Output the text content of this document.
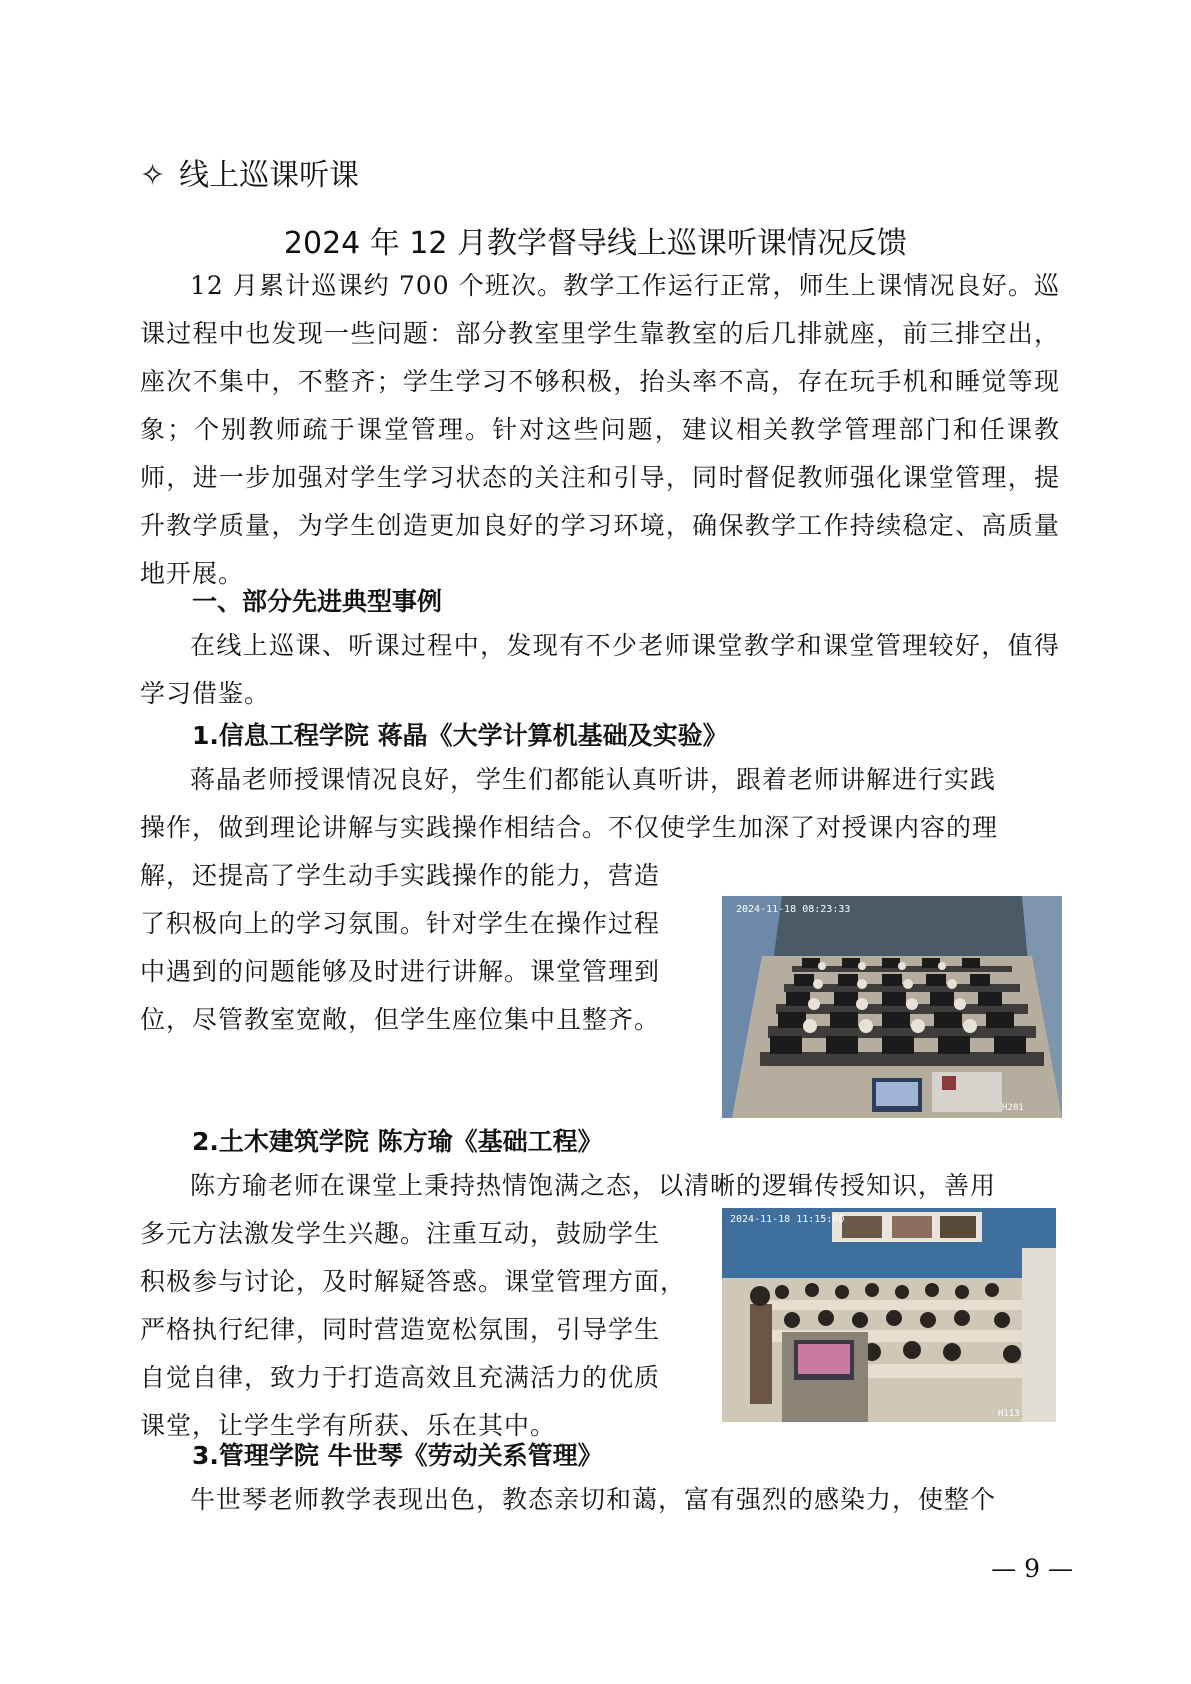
✧ 线上巡课听课
2024 年 12 月教学督导线上巡课听课情况反馈

12 月累计巡课约 700 个班次。教学工作运行正常，师生上课情况良好。巡课过程中也发现一些问题：部分教室里学生靠教室的后几排就座，前三排空出，座次不集中，不整齐；学生学习不够积极，抬头率不高，存在玩手机和睡觉等现象；个别教师疏于课堂管理。针对这些问题，建议相关教学管理部门和任课教师，进一步加强对学生学习状态的关注和引导，同时督促教师强化课堂管理，提升教学质量，为学生创造更加良好的学习环境，确保教学工作持续稳定、高质量地开展。

一、部分先进典型事例

在线上巡课、听课过程中，发现有不少老师课堂教学和课堂管理较好，值得学习借鉴。

1.信息工程学院 蒋晶《大学计算机基础及实验》
蒋晶老师授课情况良好，学生们都能认真听讲，跟着老师讲解进行实践
操作，做到理论讲解与实践操作相结合。不仅使学生加深了对授课内容的理
解，还提高了学生动手实践操作的能力，营造
了积极向上的学习氛围。针对学生在操作过程
中遇到的问题能够及时进行讲解。课堂管理到
位，尽管教室宽敞，但学生座位集中且整齐。
2024-11-18 08:23:33
H201
2.土木建筑学院 陈方瑜《基础工程》
陈方瑜老师在课堂上秉持热情饱满之态，以清晰的逻辑传授知识，善用
多元方法激发学生兴趣。注重互动，鼓励学生
积极参与讨论，及时解疑答惑。课堂管理方面，
严格执行纪律，同时营造宽松氛围，引导学生
自觉自律，致力于打造高效且充满活力的优质
课堂，让学生学有所获、乐在其中。
2024-11-18 11:15:00
H113
3.管理学院 牛世琴《劳动关系管理》
牛世琴老师教学表现出色，教态亲切和蔼，富有强烈的感染力，使整个
— 9 —
